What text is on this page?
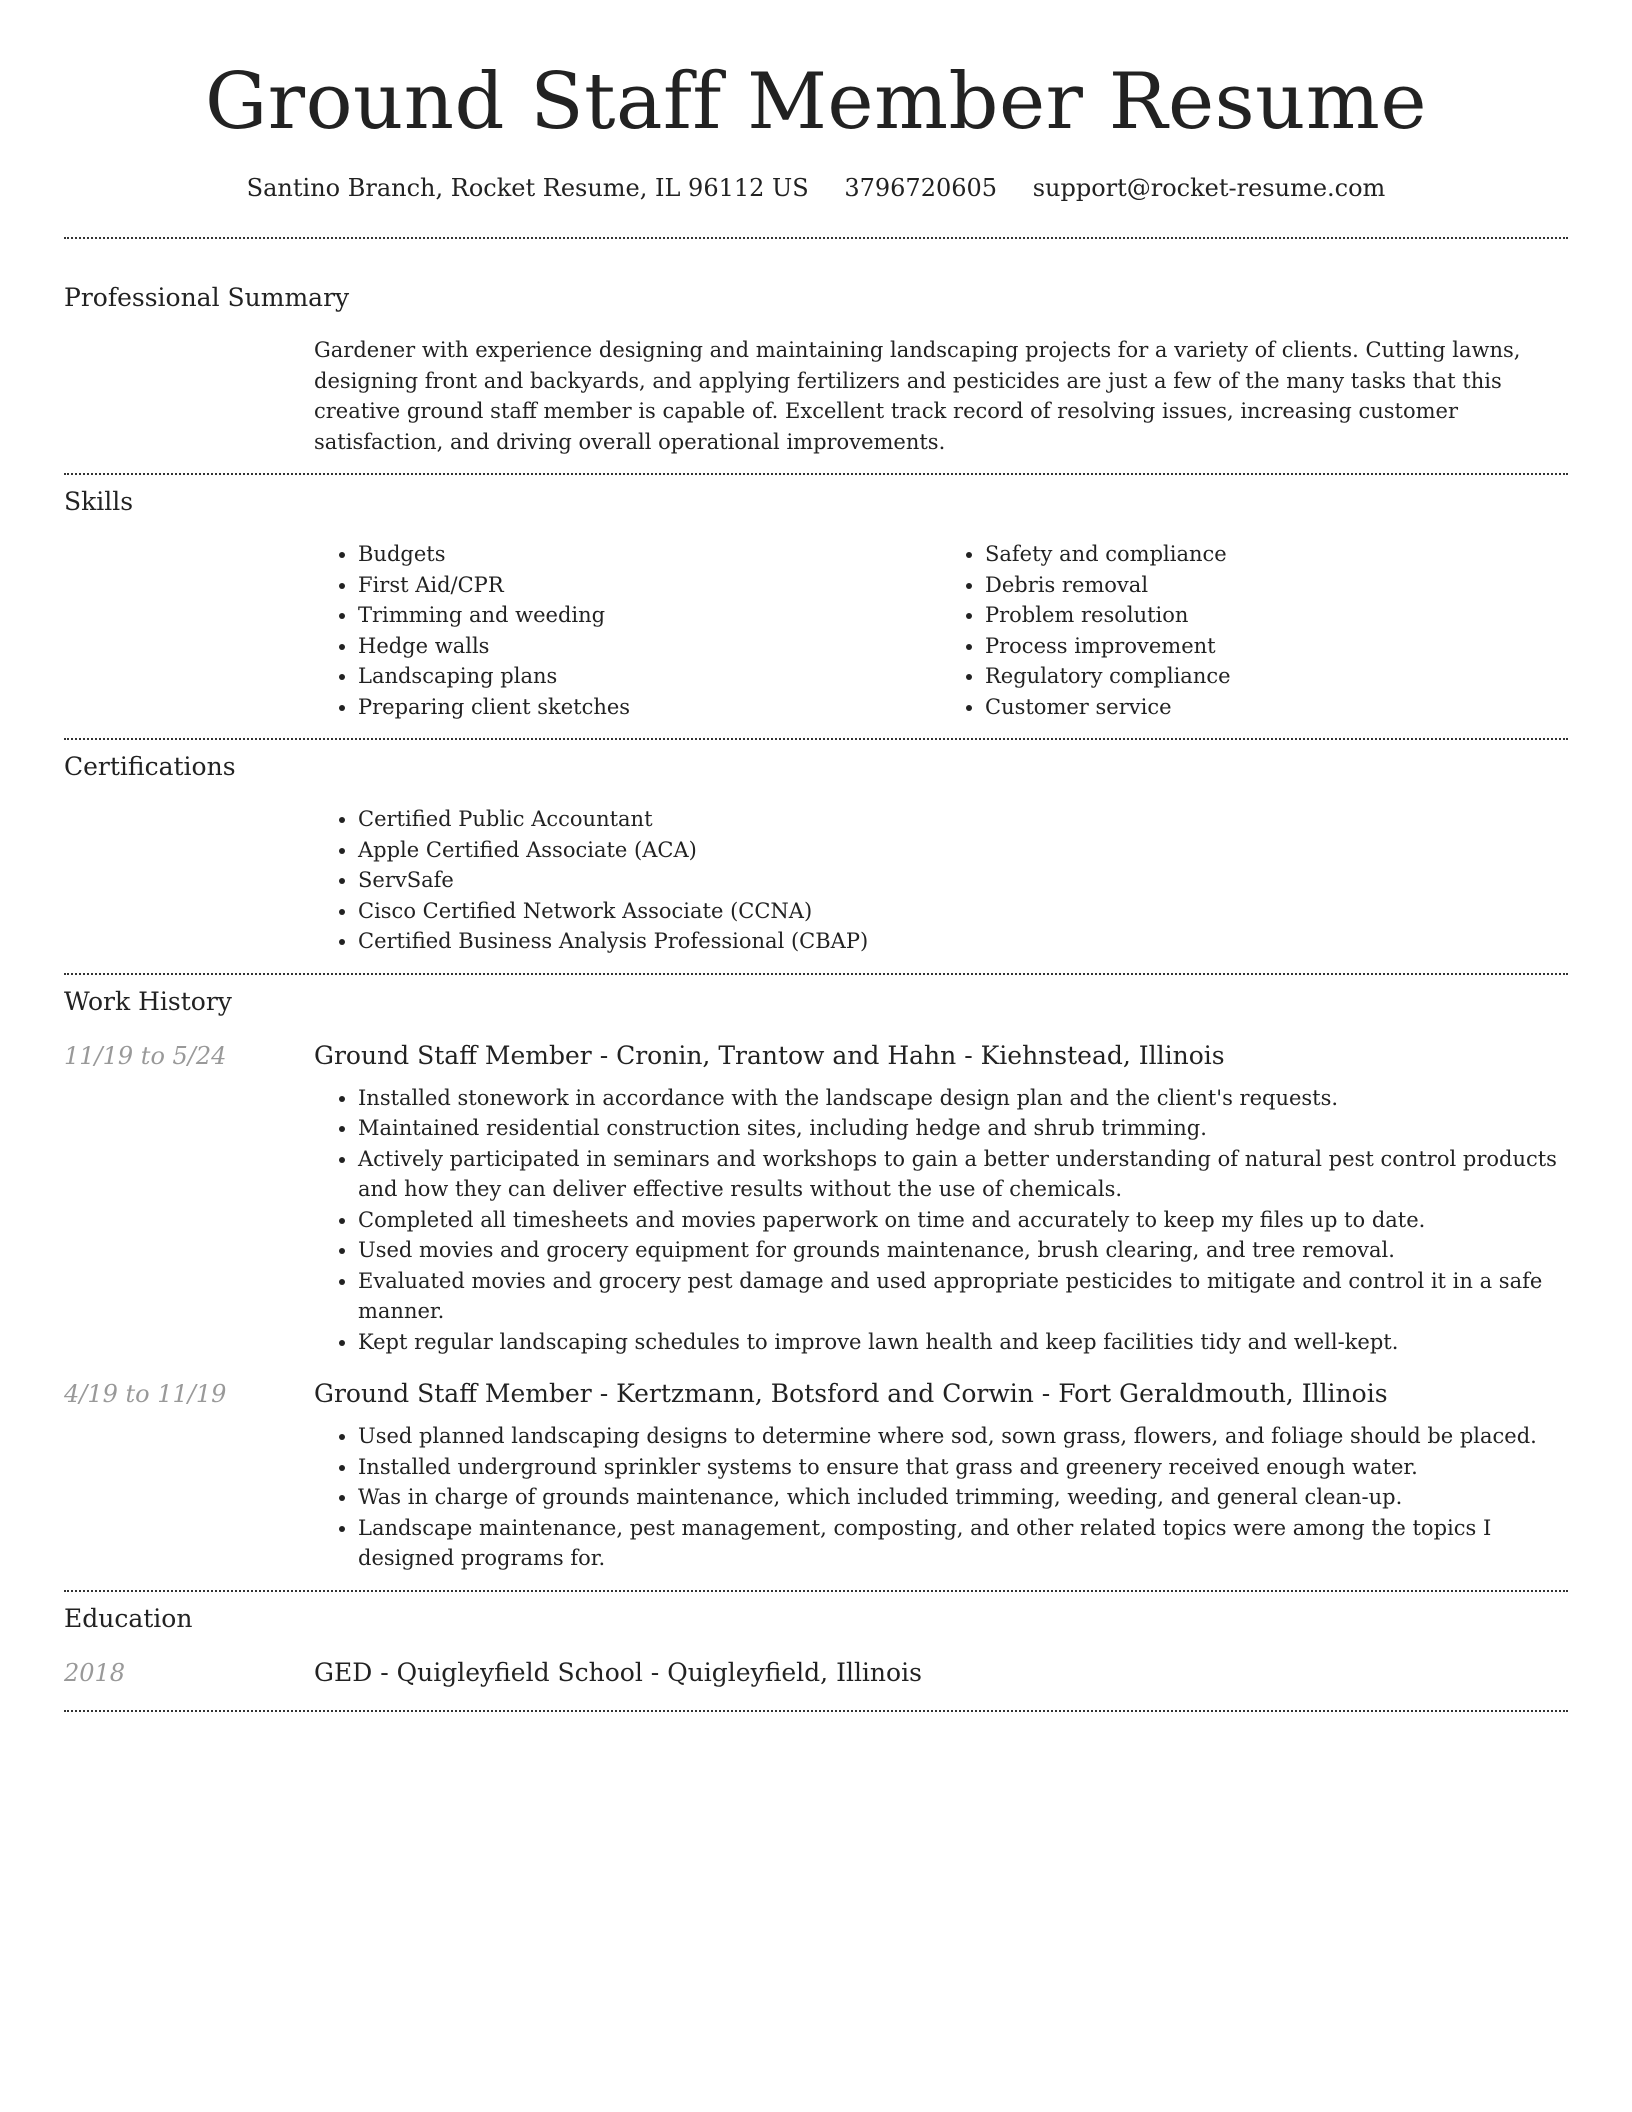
Ground Staff Member Resume
Santino Branch, Rocket Resume, IL 96112 US 3796720605 support@rocket-resume.com
Professional Summary
Gardener with experience designing and maintaining landscaping projects for a variety of clients. Cutting lawns, designing front and backyards, and applying fertilizers and pesticides are just a few of the many tasks that this creative ground staff member is capable of. Excellent track record of resolving issues, increasing customer satisfaction, and driving overall operational improvements.
Skills
• Budgets
• First Aid/CPR
• Trimming and weeding
• Hedge walls
• Landscaping plans
• Preparing client sketches
• Safety and compliance
• Debris removal
• Problem resolution
• Process improvement
• Regulatory compliance
• Customer service
Certifications
• Certified Public Accountant
• Apple Certified Associate (ACA)
• ServSafe
• Cisco Certified Network Associate (CCNA)
• Certified Business Analysis Professional (CBAP)
Work History
11/19 to 5/24	Ground Staff Member - Cronin, Trantow and Hahn - Kiehnstead, Illinois
• Installed stonework in accordance with the landscape design plan and the client's requests.
• Maintained residential construction sites, including hedge and shrub trimming.
• Actively participated in seminars and workshops to gain a better understanding of natural pest control products and how they can deliver effective results without the use of chemicals.
• Completed all timesheets and movies paperwork on time and accurately to keep my files up to date.
• Used movies and grocery equipment for grounds maintenance, brush clearing, and tree removal.
• Evaluated movies and grocery pest damage and used appropriate pesticides to mitigate and control it in a safe manner.
• Kept regular landscaping schedules to improve lawn health and keep facilities tidy and well-kept.
4/19 to 11/19	Ground Staff Member - Kertzmann, Botsford and Corwin - Fort Geraldmouth, Illinois
• Used planned landscaping designs to determine where sod, sown grass, flowers, and foliage should be placed.
• Installed underground sprinkler systems to ensure that grass and greenery received enough water.
• Was in charge of grounds maintenance, which included trimming, weeding, and general clean-up.
• Landscape maintenance, pest management, composting, and other related topics were among the topics I designed programs for.
Education
2018	GED - Quigleyfield School - Quigleyfield, Illinois
